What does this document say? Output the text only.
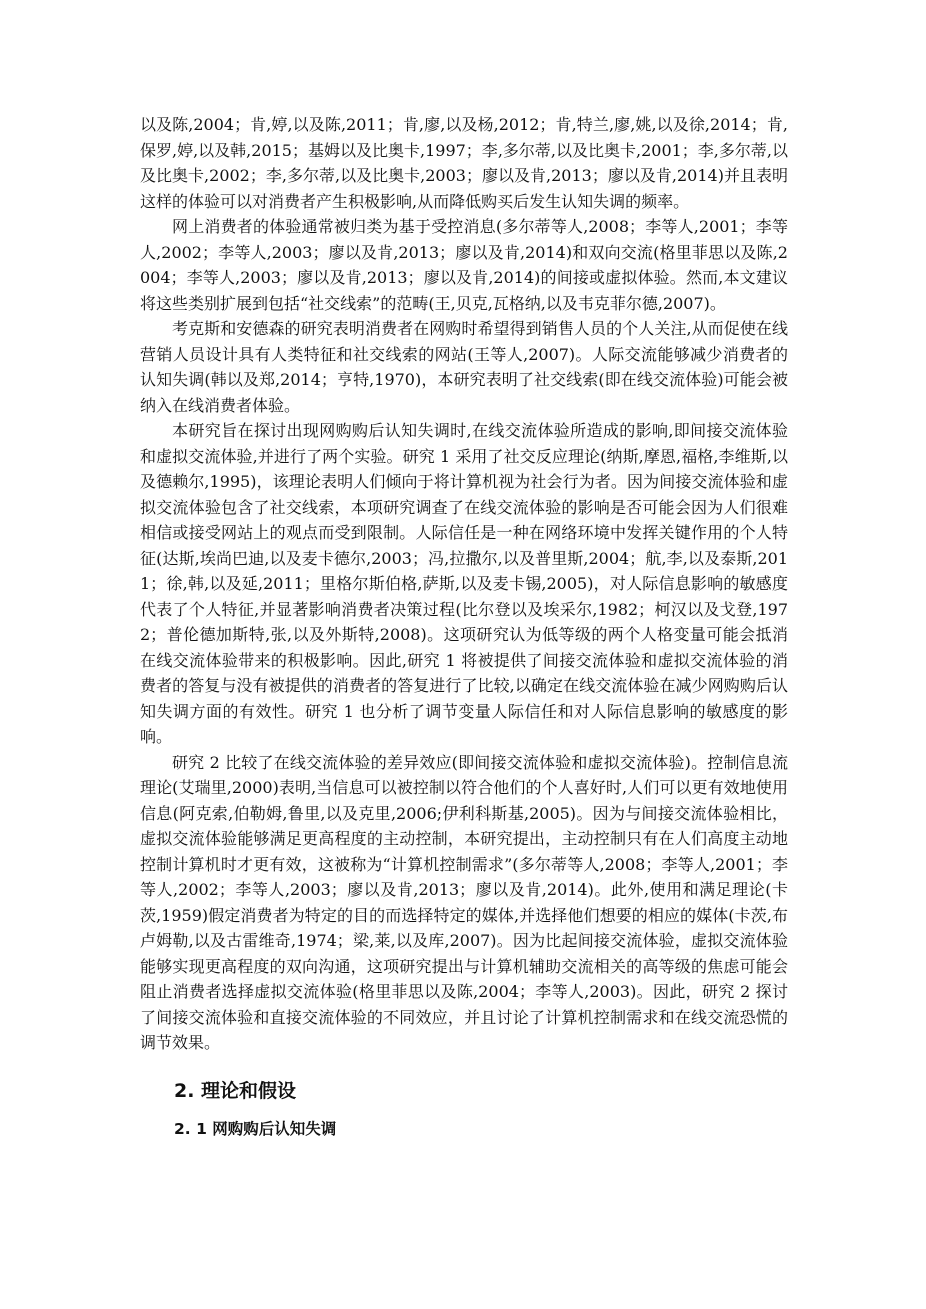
以及陈,2004；肯,婷,以及陈,2011；肯,廖,以及杨,2012；肯,特兰,廖,姚,以及徐,2014；肯,保罗,婷,以及韩,2015；基姆以及比奥卡,1997；李,多尔蒂,以及比奥卡,2001；李,多尔蒂,以及比奥卡,2002；李,多尔蒂,以及比奥卡,2003；廖以及肯,2013；廖以及肯,2014)并且表明这样的体验可以对消费者产生积极影响,从而降低购买后发生认知失调的频率。

网上消费者的体验通常被归类为基于受控消息(多尔蒂等人,2008；李等人,2001；李等人,2002；李等人,2003；廖以及肯,2013；廖以及肯,2014)和双向交流(格里菲思以及陈,2004；李等人,2003；廖以及肯,2013；廖以及肯,2014)的间接或虚拟体验。然而,本文建议将这些类别扩展到包括“社交线索”的范畴(王,贝克,瓦格纳,以及韦克菲尔德,2007)。

考克斯和安德森的研究表明消费者在网购时希望得到销售人员的个人关注,从而促使在线营销人员设计具有人类特征和社交线索的网站(王等人,2007)。人际交流能够减少消费者的认知失调(韩以及郑,2014；亨特,1970)，本研究表明了社交线索(即在线交流体验)可能会被纳入在线消费者体验。

本研究旨在探讨出现网购购后认知失调时,在线交流体验所造成的影响,即间接交流体验和虚拟交流体验,并进行了两个实验。研究 1 采用了社交反应理论(纳斯,摩恩,福格,李维斯,以及德赖尔,1995)，该理论表明人们倾向于将计算机视为社会行为者。因为间接交流体验和虚拟交流体验包含了社交线索，本项研究调查了在线交流体验的影响是否可能会因为人们很难相信或接受网站上的观点而受到限制。人际信任是一种在网络环境中发挥关键作用的个人特征(达斯,埃尚巴迪,以及麦卡德尔,2003；冯,拉撒尔,以及普里斯,2004；航,李,以及泰斯,2011；徐,韩,以及延,2011；里格尔斯伯格,萨斯,以及麦卡锡,2005)，对人际信息影响的敏感度代表了个人特征,并显著影响消费者决策过程(比尔登以及埃采尔,1982；柯汉以及戈登,1972；普伦德加斯特,张,以及外斯特,2008)。这项研究认为低等级的两个人格变量可能会抵消在线交流体验带来的积极影响。因此,研究 1 将被提供了间接交流体验和虚拟交流体验的消费者的答复与没有被提供的消费者的答复进行了比较,以确定在线交流体验在减少网购购后认知失调方面的有效性。研究 1 也分析了调节变量人际信任和对人际信息影响的敏感度的影响。

研究 2 比较了在线交流体验的差异效应(即间接交流体验和虚拟交流体验)。控制信息流理论(艾瑞里,2000)表明,当信息可以被控制以符合他们的个人喜好时,人们可以更有效地使用信息(阿克索,伯勒姆,鲁里,以及克里,2006;伊利科斯基,2005)。因为与间接交流体验相比，虚拟交流体验能够满足更高程度的主动控制，本研究提出，主动控制只有在人们高度主动地控制计算机时才更有效，这被称为“计算机控制需求”(多尔蒂等人,2008；李等人,2001；李等人,2002；李等人,2003；廖以及肯,2013；廖以及肯,2014)。此外,使用和满足理论(卡茨,1959)假定消费者为特定的目的而选择特定的媒体,并选择他们想要的相应的媒体(卡茨,布卢姆勒,以及古雷维奇,1974；梁,莱,以及库,2007)。因为比起间接交流体验，虚拟交流体验能够实现更高程度的双向沟通，这项研究提出与计算机辅助交流相关的高等级的焦虑可能会阻止消费者选择虚拟交流体验(格里菲思以及陈,2004；李等人,2003)。因此，研究 2 探讨了间接交流体验和直接交流体验的不同效应，并且讨论了计算机控制需求和在线交流恐慌的调节效果。

2. 理论和假设
2. 1 网购购后认知失调
